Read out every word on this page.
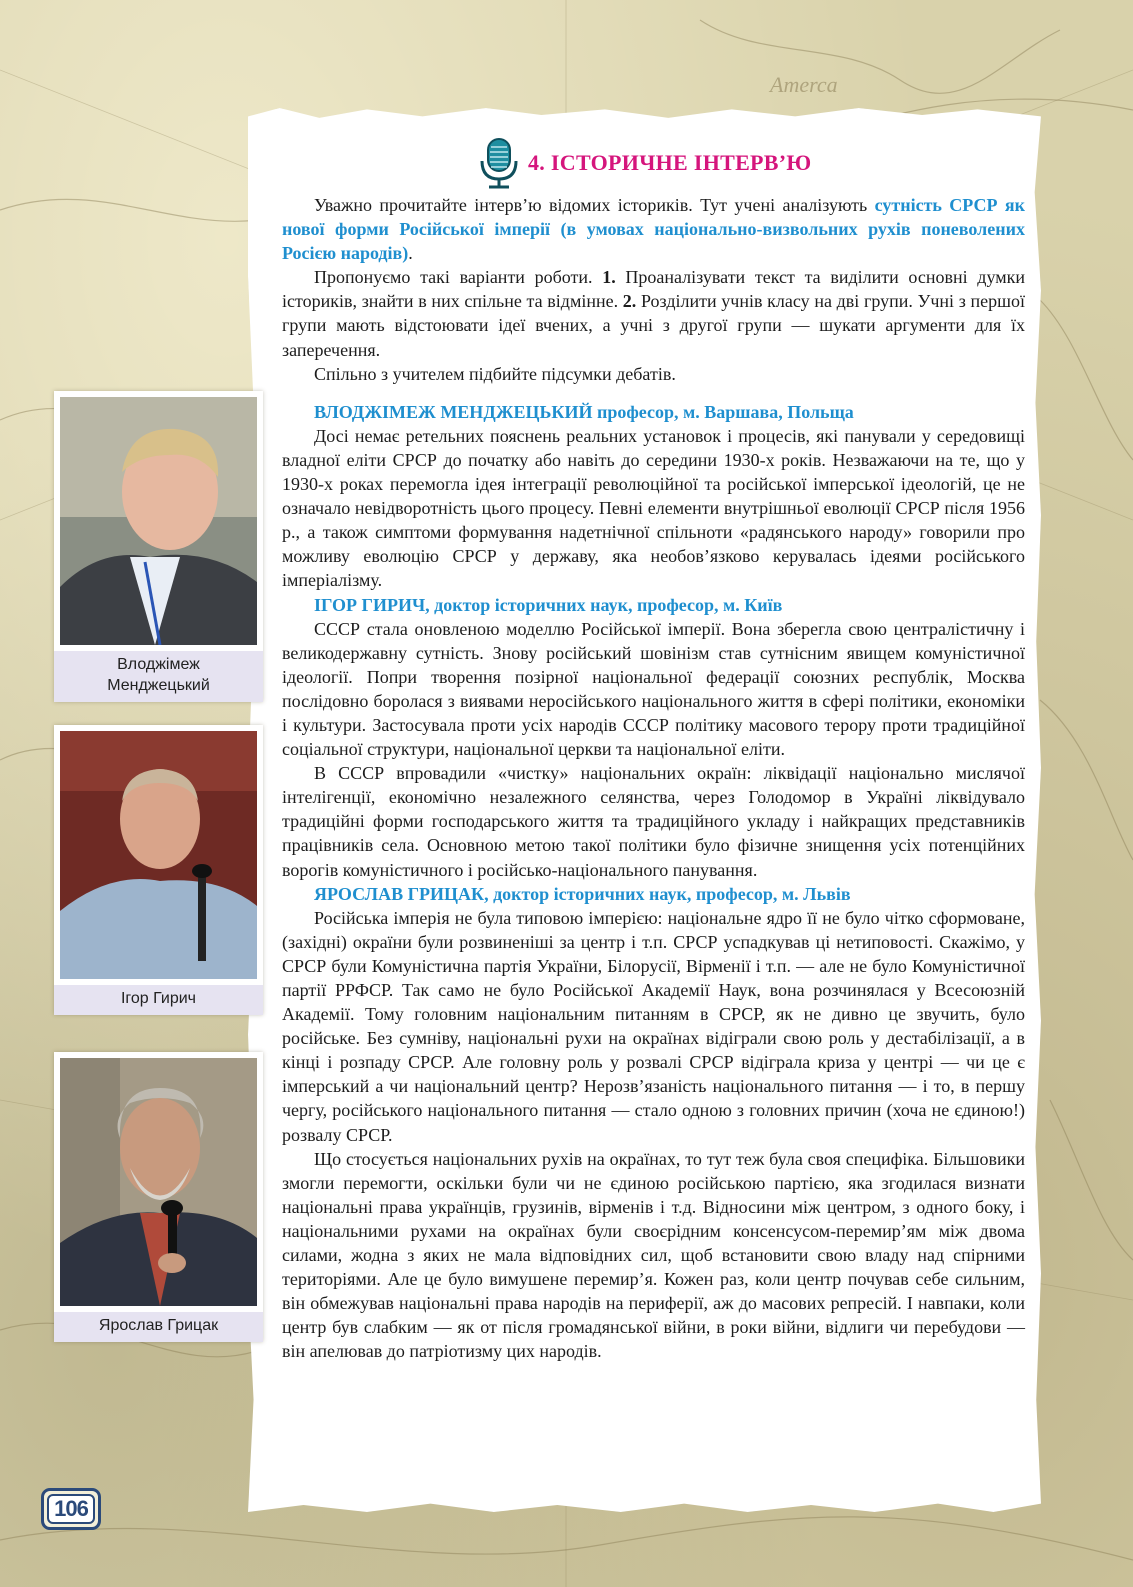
Amerca
4. ІСТОРИЧНЕ ІНТЕРВ’Ю

Уважно прочитайте інтерв’ю відомих істориків. Тут учені аналізують сутність СРСР як нової форми Російської імперії (в умовах національно-визвольних рухів поневолених Росією народів).

Пропонуємо такі варіанти роботи. 1. Проаналізувати текст та виділити основні думки істориків, знайти в них спільне та відмінне. 2. Розділити учнів класу на дві групи. Учні з першої групи мають відстоювати ідеї вчених, а учні з другої групи — шукати аргументи для їх заперечення.

Спільно з учителем підбийте підсумки дебатів.

ВЛОДЖІМЕЖ МЕНДЖЕЦЬКИЙ професор, м. Варшава, Польща

Досі немає ретельних пояснень реальних установок і процесів, які панували у середовищі владної еліти СРСР до початку або навіть до середини 1930-х років. Незважаючи на те, що у 1930-х роках перемогла ідея інтеграції революційної та російської імперської ідеологій, це не означало невідворотність цього процесу. Певні елементи внутрішньої еволюції СРСР після 1956 р., а також симптоми формування надетнічної спільноти «радянського народу» говорили про можливу еволюцію СРСР у державу, яка необов’язково керувалась ідеями російського імперіалізму.

ІГОР ГИРИЧ, доктор історичних наук, професор, м. Київ

СССР стала оновленою моделлю Російської імперії. Вона зберегла свою централістичну і великодержавну сутність. Знову російський шовінізм став сутнісним явищем комуністичної ідеології. Попри творення позірної національної федерації союзних республік, Москва послідовно боролася з виявами неросійського національного життя в сфері політики, економіки і культури. Застосувала проти усіх народів СССР політику масового терору проти традиційної соціальної структури, національної церкви та національної еліти.

В СССР впровадили «чистку» національних окраїн: ліквідації національно мислячої інтелігенції, економічно незалежного селянства, через Голодомор в Україні ліквідувало традиційні форми господарського життя та традиційного укладу і найкращих представників працівників села. Основною метою такої політики було фізичне знищення усіх потенційних ворогів комуністичного і російсько-національного панування.

ЯРОСЛАВ ГРИЦАК, доктор історичних наук, професор, м. Львів

Російська імперія не була типовою імперією: національне ядро її не було чітко сформоване, (західні) окраїни були розвиненіші за центр і т.п. СРСР успадкував ці нетиповості. Скажімо, у СРСР були Комуністична партія України, Білорусії, Вірменії і т.п. — але не було Комуністичної партії РРФСР. Так само не було Російської Академії Наук, вона розчинялася у Всесоюзній Академії. Тому головним національним питанням в СРСР, як не дивно це звучить, було російське. Без сумніву, національні рухи на окраїнах відіграли свою роль у дестабілізації, а в кінці і розпаду СРСР. Але головну роль у розвалі СРСР відіграла криза у центрі — чи це є імперський а чи національний центр? Нерозв’язаність національного питання — і то, в першу чергу, російського національного питання — стало одною з головних причин (хоча не єдиною!) розвалу СРСР.

Що стосується національних рухів на окраїнах, то тут теж була своя специфіка. Більшовики змогли перемогти, оскільки були чи не єдиною російською партією, яка згодилася визнати національні права українців, грузинів, вірменів і т.д. Відносини між центром, з одного боку, і національними рухами на окраїнах були своєрідним консенсусом-перемир’ям між двома силами, жодна з яких не мала відповідних сил, щоб встановити свою владу над спірними територіями. Але це було вимушене перемир’я. Кожен раз, коли центр почував себе сильним, він обмежував національні права народів на периферії, аж до масових репресій. І навпаки, коли центр був слабким — як от після громадянської війни, в роки війни, відлиги чи перебудови — він апелював до патріотизму цих народів.

Влоджімеж
Менджецький
Ігор Гирич
Ярослав Грицак
106
